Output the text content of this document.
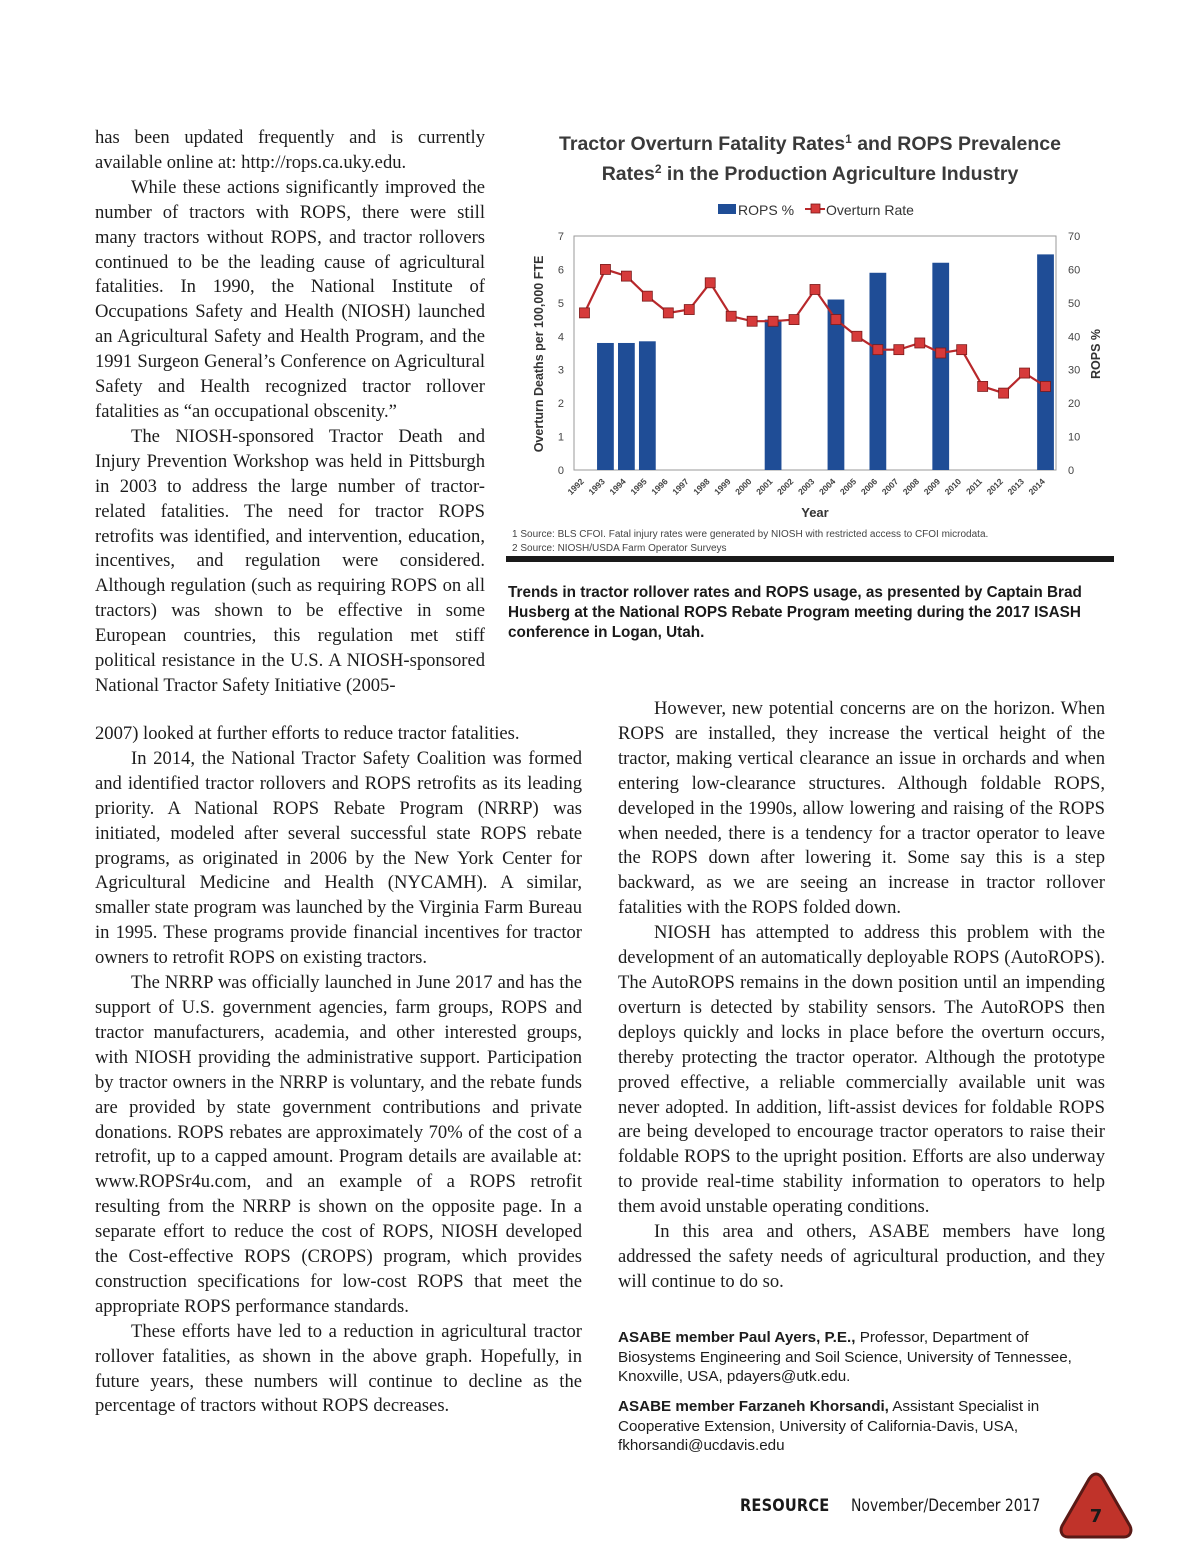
has been updated frequently and is currently available online at: http://rops.ca.uky.edu.

While these actions significantly improved the number of tractors with ROPS, there were still many tractors without ROPS, and tractor rollovers continued to be the leading cause of agricultural fatalities. In 1990, the National Institute of Occupations Safety and Health (NIOSH) launched an Agricultural Safety and Health Program, and the 1991 Surgeon General’s Conference on Agricultural Safety and Health recognized tractor rollover fatalities as “an occupational obscenity.”

The NIOSH-sponsored Tractor Death and Injury Prevention Workshop was held in Pittsburgh in 2003 to address the large number of tractor-related fatalities. The need for tractor ROPS retrofits was identified, and intervention, education, incentives, and regulation were considered. Although regulation (such as requiring ROPS on all tractors) was shown to be effective in some European countries, this regulation met stiff political resistance in the U.S. A NIOSH-sponsored National Tractor Safety Initiative (2005-

2007) looked at further efforts to reduce tractor fatalities.

In 2014, the National Tractor Safety Coalition was formed and identified tractor rollovers and ROPS retrofits as its leading priority. A National ROPS Rebate Program (NRRP) was initiated, modeled after several successful state ROPS rebate programs, as originated in 2006 by the New York Center for Agricultural Medicine and Health (NYCAMH). A similar, smaller state program was launched by the Virginia Farm Bureau in 1995. These programs provide financial incentives for tractor owners to retrofit ROPS on existing tractors.

The NRRP was officially launched in June 2017 and has the support of U.S. government agencies, farm groups, ROPS and tractor manufacturers, academia, and other interested groups, with NIOSH providing the administrative support. Participation by tractor owners in the NRRP is voluntary, and the rebate funds are provided by state government contributions and private donations. ROPS rebates are approximately 70% of the cost of a retrofit, up to a capped amount. Program details are available at: www.ROPSr4u.com, and an example of a ROPS retrofit resulting from the NRRP is shown on the opposite page. In a separate effort to reduce the cost of ROPS, NIOSH developed the Cost-effective ROPS (CROPS) program, which provides construction specifications for low-cost ROPS that meet the appropriate ROPS performance standards.

These efforts have led to a reduction in agricultural tractor rollover fatalities, as shown in the above graph. Hopefully, in future years, these numbers will continue to decline as the percentage of tractors without ROPS decreases.

Tractor Overturn Fatality Rates$^1$ and ROPS Prevalence
Rates$^2$ in the Production Agriculture Industry
ROPS % Overturn Rate
0
1
2
3
4
5
6
7
0
10
20
30
40
50
60
70
1992 1993 1994 1995 1996 1997 1998 1999 2000 2001 2002 2003 2004 2005 2006 2007 2008 2009 2010 2011 2012 2013 2014
Overturn Deaths per 100,000 FTE	ROPS %
Year
1 Source: BLS CFOI. Fatal injury rates were generated by NIOSH with restricted access to CFOI microdata.
2 Source: NIOSH/USDA Farm Operator Surveys
Trends in tractor rollover rates and ROPS usage, as presented by Captain Brad Husberg at the National ROPS Rebate Program meeting during the 2017 ISASH conference in Logan, Utah.

However, new potential concerns are on the horizon. When ROPS are installed, they increase the vertical height of the tractor, making vertical clearance an issue in orchards and when entering low-clearance structures. Although foldable ROPS, developed in the 1990s, allow lowering and raising of the ROPS when needed, there is a tendency for a tractor operator to leave the ROPS down after lowering it. Some say this is a step backward, as we are seeing an increase in tractor rollover fatalities with the ROPS folded down.

NIOSH has attempted to address this problem with the development of an automatically deployable ROPS (AutoROPS). The AutoROPS remains in the down position until an impending overturn is detected by stability sensors. The AutoROPS then deploys quickly and locks in place before the overturn occurs, thereby protecting the tractor operator. Although the prototype proved effective, a reliable commercially available unit was never adopted. In addition, lift-assist devices for foldable ROPS are being developed to encourage tractor operators to raise their foldable ROPS to the upright position. Efforts are also underway to provide real-time stability information to operators to help them avoid unstable operating conditions.

In this area and others, ASABE members have long addressed the safety needs of agricultural production, and they will continue to do so.

ASABE member Paul Ayers, P.E., Professor, Department of Biosystems Engineering and Soil Science, University of Tennessee, Knoxville, USA, pdayers@utk.edu.
ASABE member Farzaneh Khorsandi, Assistant Specialist in Cooperative Extension, University of California-Davis, USA, fkhorsandi@ucdavis.edu
RESOURCE November/December 2017	7
